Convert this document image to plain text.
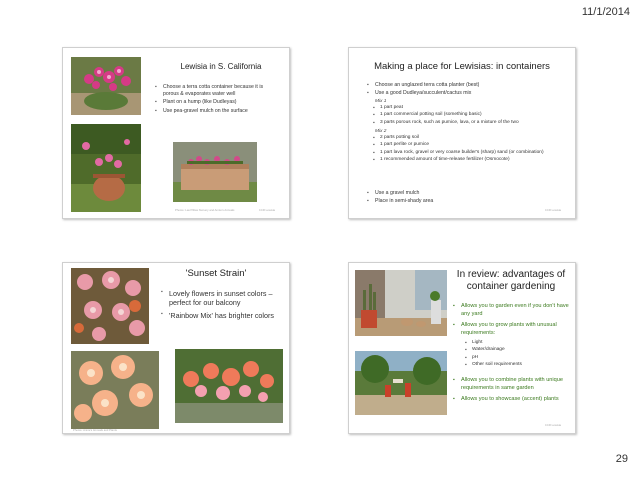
11/1/2014
Lewisia in S. California
▪ Choose a terra cotta container because it is porous & evaporates water well
▪ Plant on a hump (like Dudleyas)
▪ Use pea-gravel mulch on the surface
Photos: Las Pilitas Nursery and Annie's Annuals	CCR Lewisia
Making a place for Lewisias: in containers
▪ Choose an unglazed terra cotta planter (best)
▪ Use a good Dudleya/succulent/cactus mix
Mix 1
▪ 1 part peat
▪ 1 part commercial potting soil (something basic)
▪ 3 parts porous rock, such as pumice, lava, or a mixture of the two
Mix 2
▪ 2 parts potting soil
▪ 1 part perlite or pumice
▪ 1 part lava rock, gravel or very coarse builder's (sharp) sand (or combination)
▪ 1 recommended amount of time-release fertilizer (Osmocote)
▪ Use a gravel mulch
▪ Place in semi-shady area
CCR Lewisia
'Sunset Strain'
▪ Lovely flowers in sunset colors – perfect for our balcony
▪ 'Rainbow Mix' has brighter colors
Photos: Annie's Annuals and Plants
In review: advantages of container gardening
▪ Allows you to garden even if you don't have any yard
▪ Allows you to grow plants with unusual requirements:
▪ Light
▪ Water/drainage
▪ pH
▪ Other soil requirements
▪ Allows you to combine plants with unique requirements in same garden
▪ Allows you to showcase (accent) plants
CCR Lewisia
29
